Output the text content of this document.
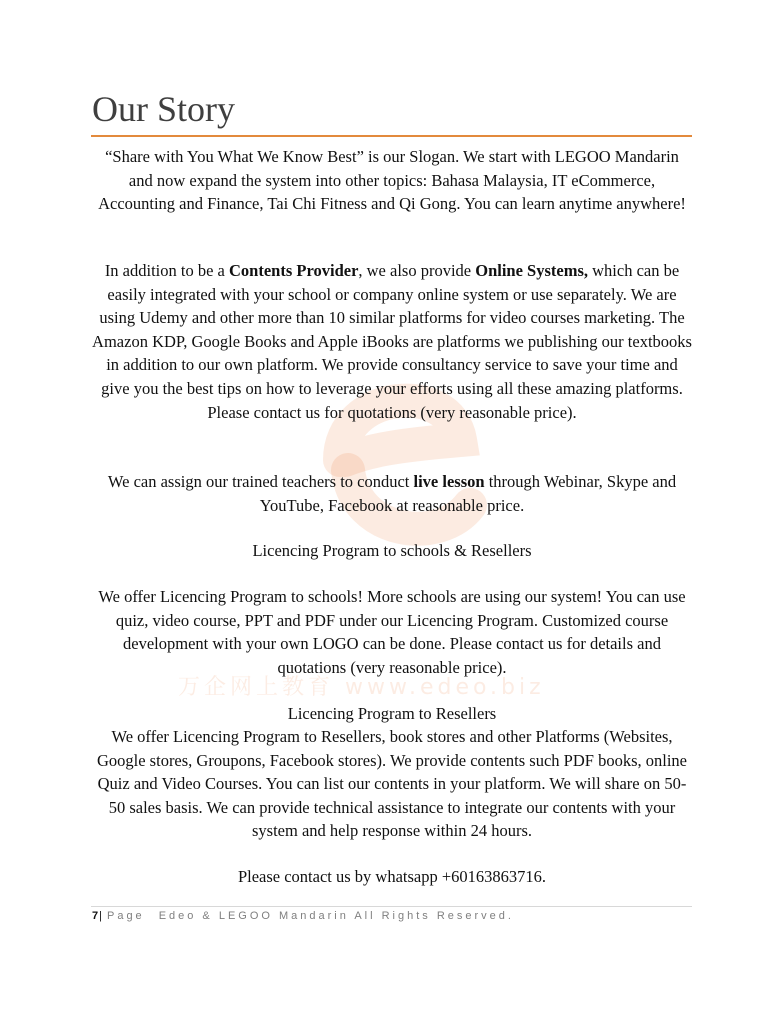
万企网上教育 www.edeo.biz
Our Story

“Share with You What We Know Best” is our Slogan. We start with LEGOO Mandarin and now expand the system into other topics: Bahasa Malaysia, IT eCommerce, Accounting and Finance, Tai Chi Fitness and Qi Gong. You can learn anytime anywhere!

In addition to be a Contents Provider, we also provide Online Systems, which can be easily integrated with your school or company online system or use separately. We are using Udemy and other more than 10 similar platforms for video courses marketing. The Amazon KDP, Google Books and Apple iBooks are platforms we publishing our textbooks in addition to our own platform. We provide consultancy service to save your time and give you the best tips on how to leverage your efforts using all these amazing platforms. Please contact us for quotations (very reasonable price).

We can assign our trained teachers to conduct live lesson through Webinar, Skype and YouTube, Facebook at reasonable price.

Licencing Program to schools & Resellers

We offer Licencing Program to schools! More schools are using our system! You can use quiz, video course, PPT and PDF under our Licencing Program. Customized course development with your own LOGO can be done. Please contact us for details and quotations (very reasonable price).

Licencing Program to Resellers

We offer Licencing Program to Resellers, book stores and other Platforms (Websites, Google stores, Groupons, Facebook stores). We provide contents such PDF books, online Quiz and Video Courses. You can list our contents in your platform. We will share on 50-50 sales basis. We can provide technical assistance to integrate our contents with your system and help response within 24 hours.

Please contact us by whatsapp +60163863716.

7| Page Edeo & LEGOO Mandarin All Rights Reserved.
